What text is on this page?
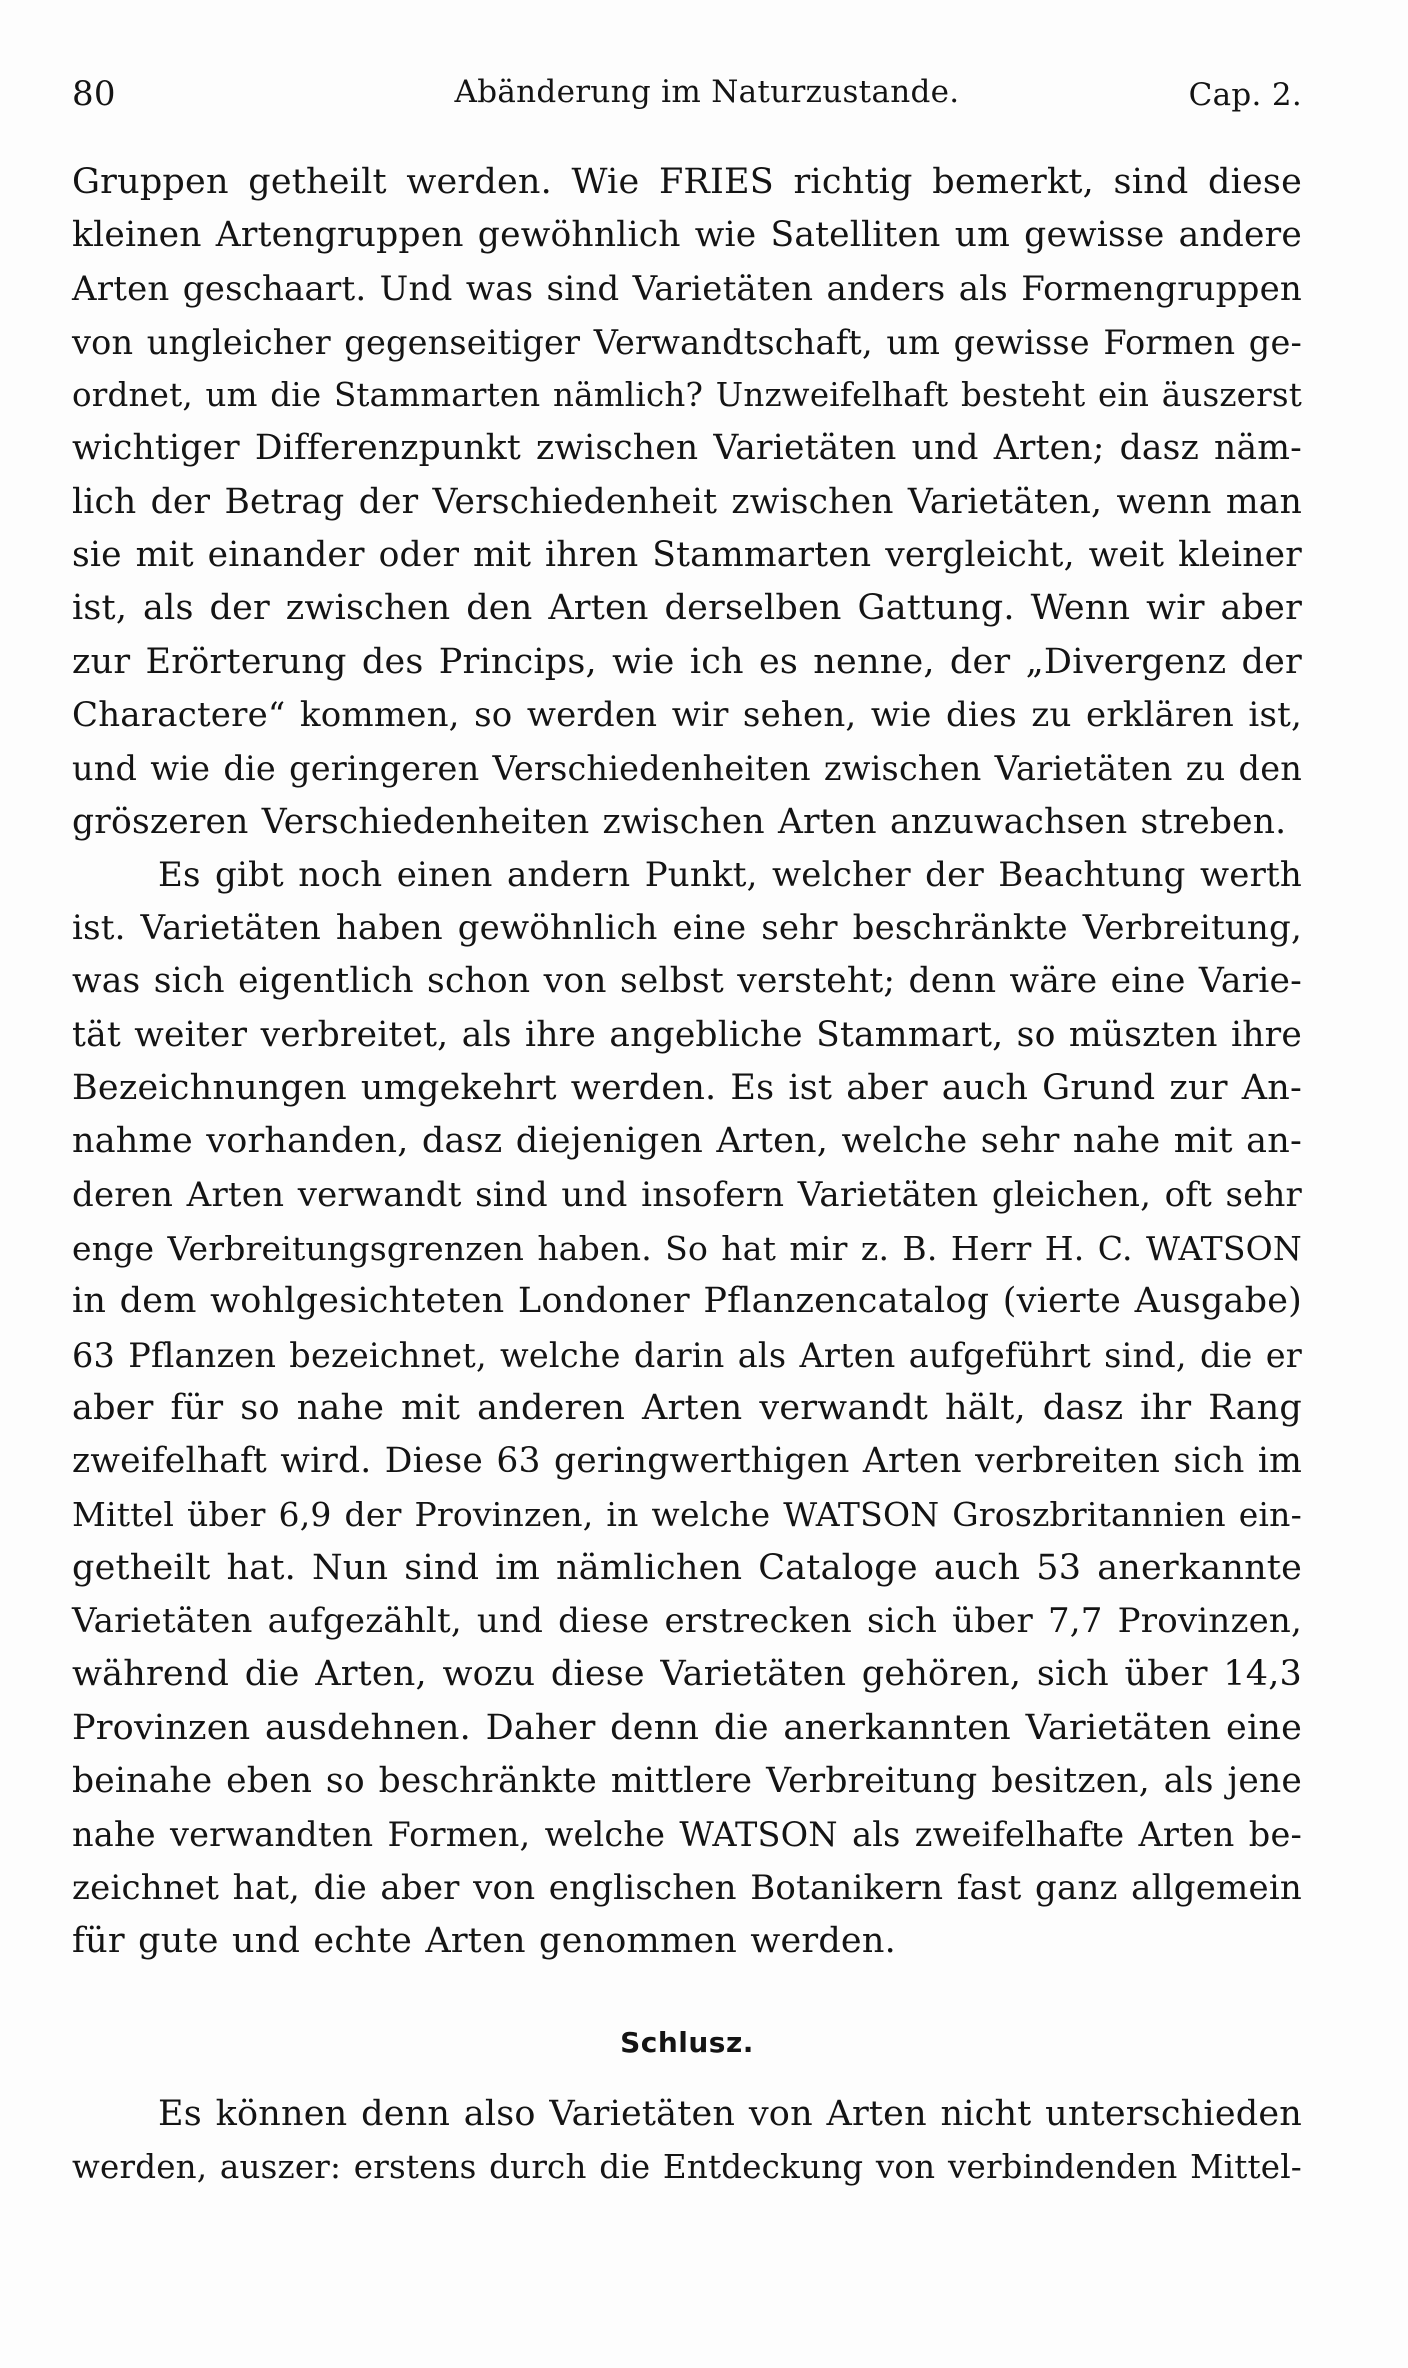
80	Abänderung im Naturzustande.	Cap. 2.
Gruppen getheilt werden. Wie FRIES richtig bemerkt, sind diese
kleinen Artengruppen gewöhnlich wie Satelliten um gewisse andere
Arten geschaart. Und was sind Varietäten anders als Formengruppen
von ungleicher gegenseitiger Verwandtschaft, um gewisse Formen ge-
ordnet, um die Stammarten nämlich? Unzweifelhaft besteht ein äuszerst
wichtiger Differenzpunkt zwischen Varietäten und Arten; dasz näm-
lich der Betrag der Verschiedenheit zwischen Varietäten, wenn man
sie mit einander oder mit ihren Stammarten vergleicht, weit kleiner
ist, als der zwischen den Arten derselben Gattung. Wenn wir aber
zur Erörterung des Princips, wie ich es nenne, der „Divergenz der
Charactere“ kommen, so werden wir sehen, wie dies zu erklären ist,
und wie die geringeren Verschiedenheiten zwischen Varietäten zu den
gröszeren Verschiedenheiten zwischen Arten anzuwachsen streben.
Es gibt noch einen andern Punkt, welcher der Beachtung werth
ist. Varietäten haben gewöhnlich eine sehr beschränkte Verbreitung,
was sich eigentlich schon von selbst versteht; denn wäre eine Varie-
tät weiter verbreitet, als ihre angebliche Stammart, so müszten ihre
Bezeichnungen umgekehrt werden. Es ist aber auch Grund zur An-
nahme vorhanden, dasz diejenigen Arten, welche sehr nahe mit an-
deren Arten verwandt sind und insofern Varietäten gleichen, oft sehr
enge Verbreitungsgrenzen haben. So hat mir z. B. Herr H. C. WATSON
in dem wohlgesichteten Londoner Pflanzencatalog (vierte Ausgabe)
63 Pflanzen bezeichnet, welche darin als Arten aufgeführt sind, die er
aber für so nahe mit anderen Arten verwandt hält, dasz ihr Rang
zweifelhaft wird. Diese 63 geringwerthigen Arten verbreiten sich im
Mittel über 6,9 der Provinzen, in welche WATSON Groszbritannien ein-
getheilt hat. Nun sind im nämlichen Cataloge auch 53 anerkannte
Varietäten aufgezählt, und diese erstrecken sich über 7,7 Provinzen,
während die Arten, wozu diese Varietäten gehören, sich über 14,3
Provinzen ausdehnen. Daher denn die anerkannten Varietäten eine
beinahe eben so beschränkte mittlere Verbreitung besitzen, als jene
nahe verwandten Formen, welche WATSON als zweifelhafte Arten be-
zeichnet hat, die aber von englischen Botanikern fast ganz allgemein
für gute und echte Arten genommen werden.
Schlusz.
Es können denn also Varietäten von Arten nicht unterschieden
werden, auszer: erstens durch die Entdeckung von verbindenden Mittel-
